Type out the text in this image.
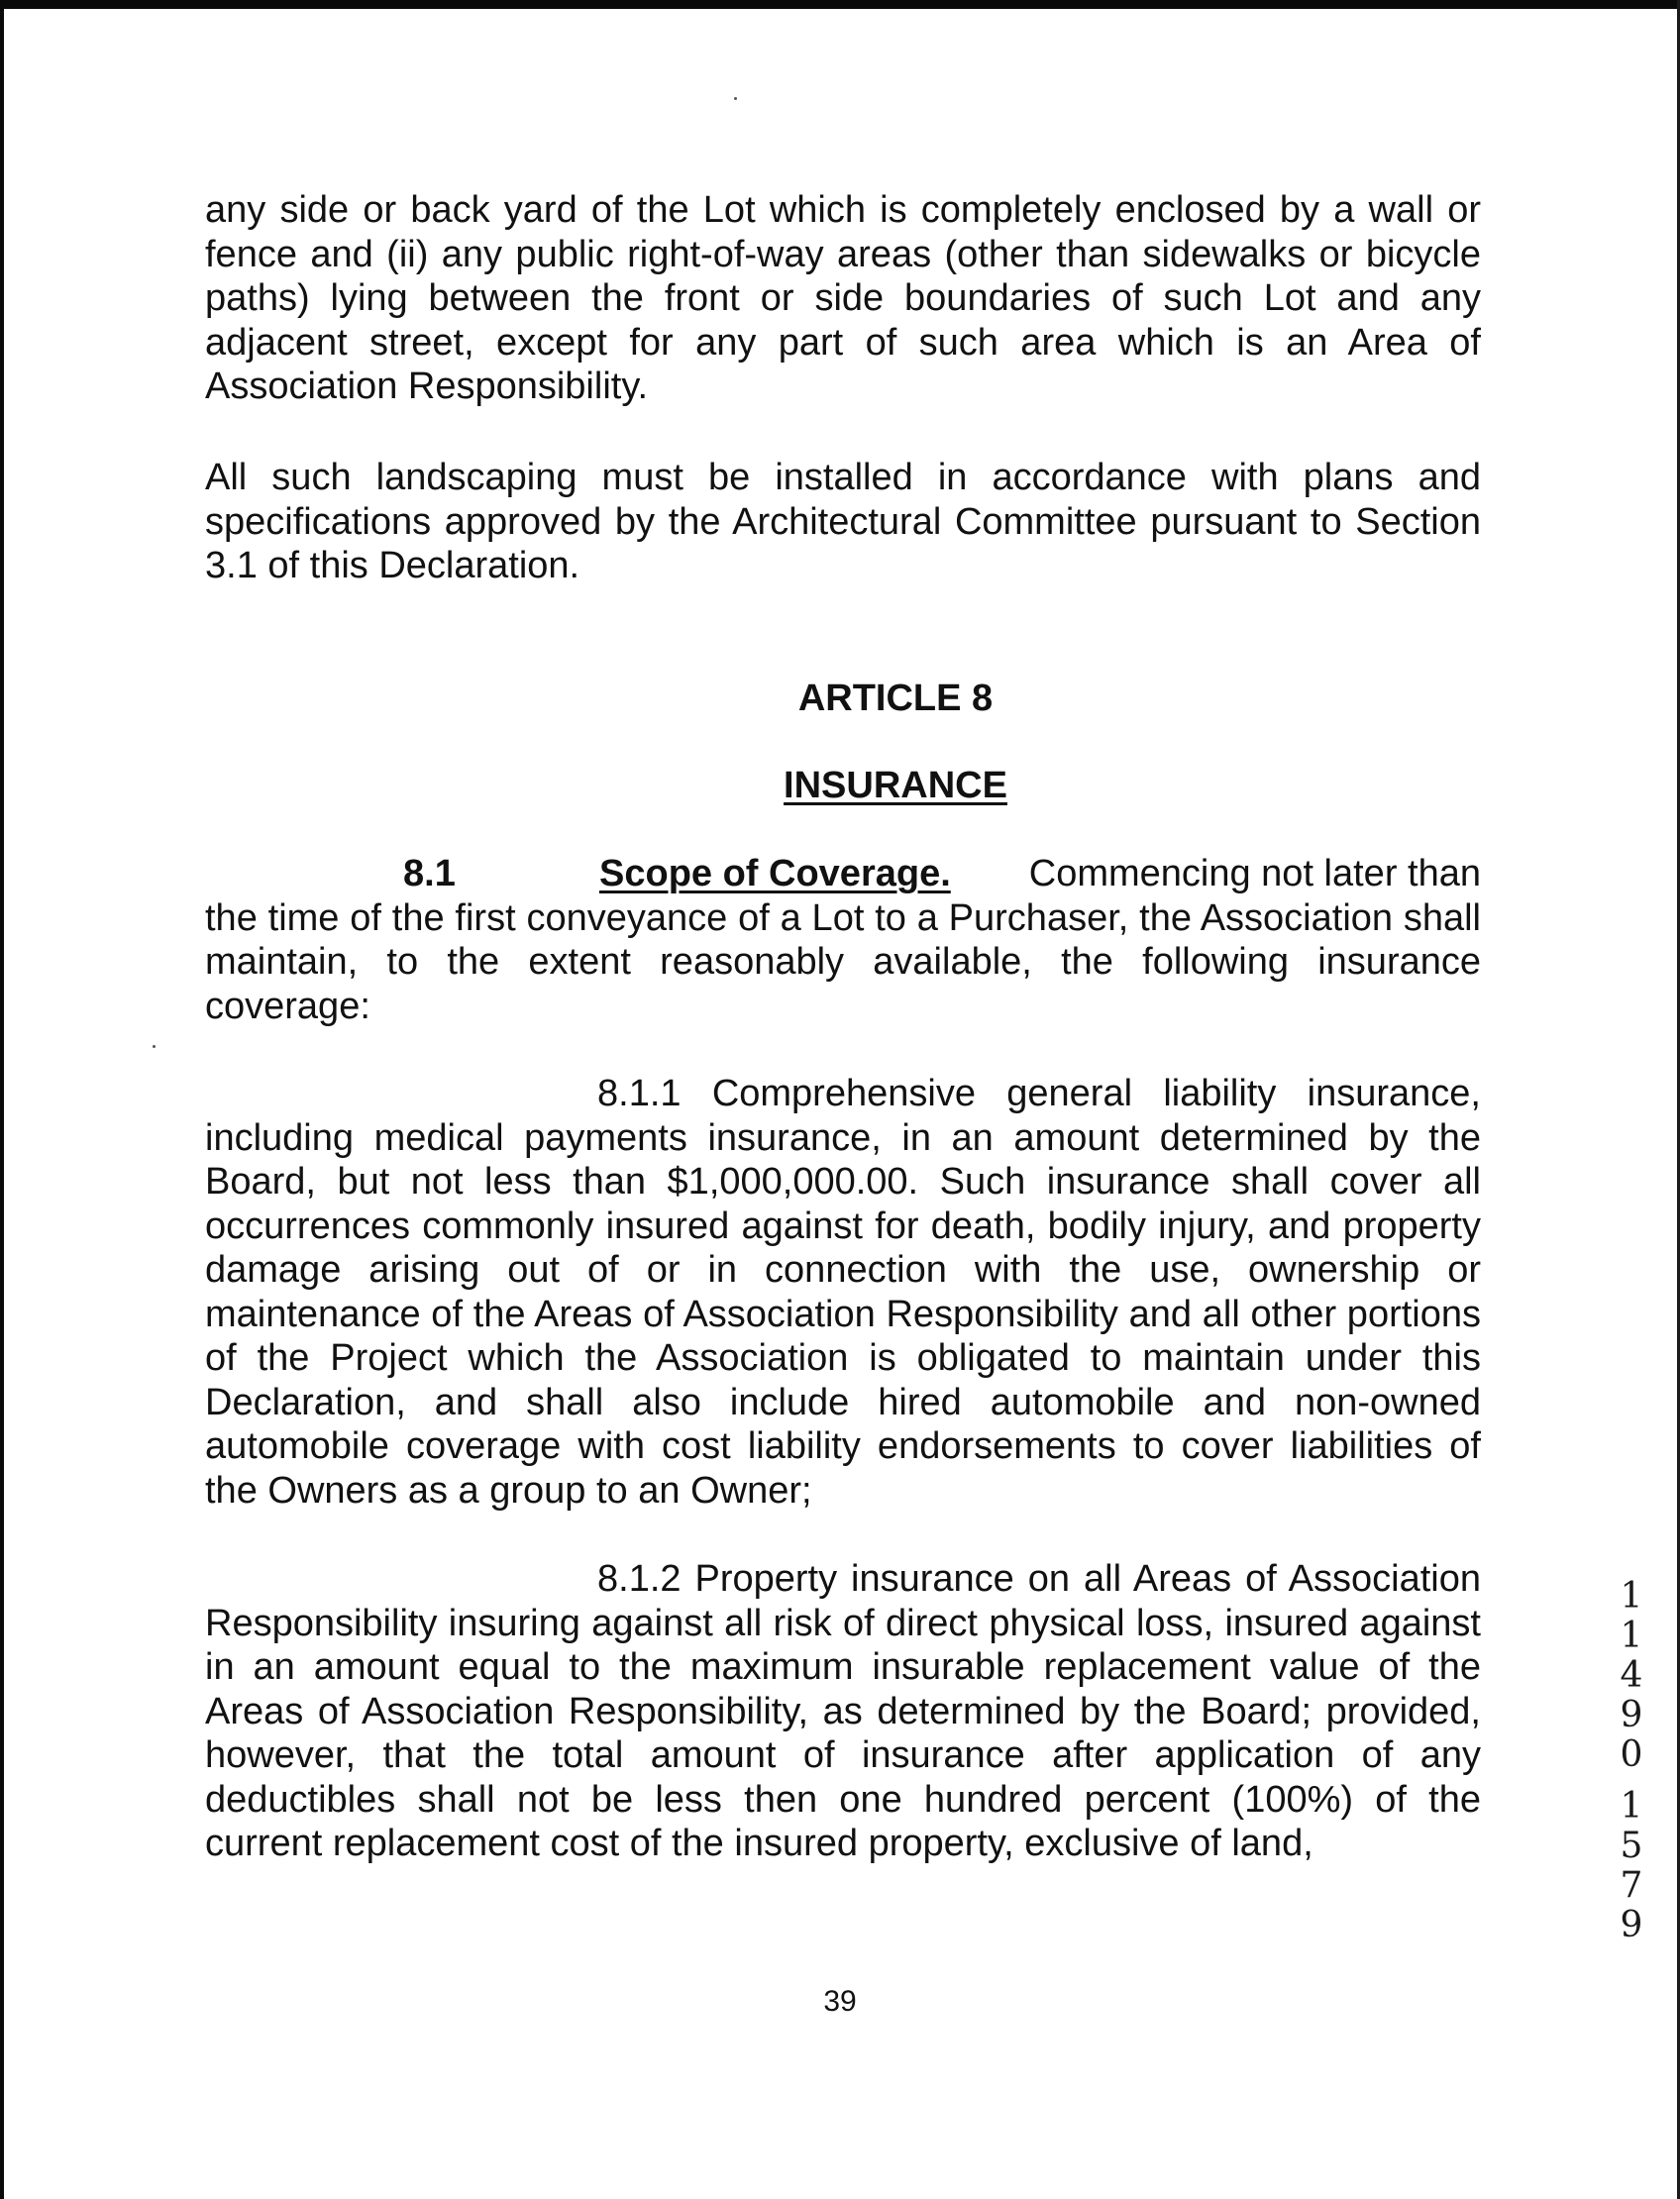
any side or back yard of the Lot which is completely enclosed by a wall or fence and (ii) any public right-of-way areas (other than sidewalks or bicycle paths) lying between the front or side boundaries of such Lot and any adjacent street, except for any part of such area which is an Area of Association Responsibility.

All such landscaping must be installed in accordance with plans and specifications approved by the Architectural Committee pursuant to Section 3.1 of this Declaration.

ARTICLE 8
INSURANCE
8.1	Scope of Coverage. Commencing not later than
the time of the first conveyance of a Lot to a Purchaser, the Association shall maintain, to the extent reasonably available, the following insurance coverage:

8.1.1 Comprehensive general liability insurance, including medical payments insurance, in an amount determined by the Board, but not less than $1,000,000.00. Such insurance shall cover all occurrences commonly insured against for death, bodily injury, and property damage arising out of or in connection with the use, ownership or maintenance of the Areas of Association Responsibility and all other portions of the Project which the Association is obligated to maintain under this Declaration, and shall also include hired automobile and non-owned automobile coverage with cost liability endorsements to cover liabilities of the Owners as a group to an Owner;

8.1.2 Property insurance on all Areas of Association Responsibility insuring against all risk of direct physical loss, insured against in an amount equal to the maximum insurable replacement value of the Areas of Association Responsibility, as determined by the Board; provided, however, that the total amount of insurance after application of any deductibles shall not be less then one hundred percent (100%) of the current replacement cost of the insured property, exclusive of land,

39
1
1
4
9
0
1
5
7
9
